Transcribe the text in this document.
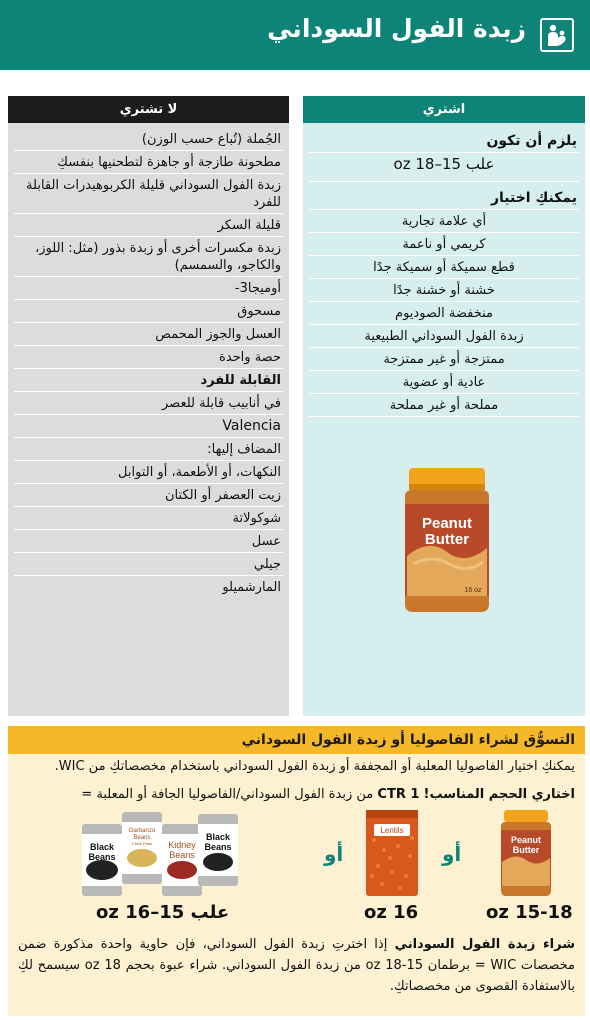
زبدة الفول السوداني
اشتري
يلزم أن تكون
علب 15–18 oz
يمكنكِ اختيار
أي علامة تجارية
كريمي أو ناعمة
قطع سميكة أو سميكة جدًا
خشنة أو خشنة جدًا
منخفضة الصوديوم
زبدة الفول السوداني الطبيعية
ممتزجة أو غير ممتزجة
عادية أو عضوية
مملحة أو غير مملحة
Peanut
Butter
16 oz
لا تشتري
الجُملة (تُباع حسب الوزن)
مطحونة طازجة أو جاهزة لتطحنيها بنفسكِ
زبدة الفول السوداني قليلة الكربوهيدرات القابلة للفرد
قليلة السكر
زبدة مكسرات أخرى أو زبدة بذور (مثل: اللوز، والكاجو، والسمسم)
أوميجا3-
مسحوق
العسل والجوز المحمص
حصة واحدة
القابلة للفرد
في أنابيب قابلة للعصر
Valencia
المضاف إليها:
النكهات، أو الأطعمة، أو التوابل
زيت العصفر أو الكتان
شوكولاتة
عسل
جيلي
المارشميلو
التسوُّق لشراء الفاصوليا أو زبدة الفول السوداني
يمكنكِ اختيار الفاصوليا المعلبة أو المجففة أو زبدة الفول السوداني باستخدام مخصصاتكِ من WIC.
اختاري الحجم المناسب! 1 CTR من زبدة الفول السوداني/الفاصوليا الجافة أو المعلبة =
Peanut
Butter
أو
Lentils
أو
Black
Beans
Garbanzo
Beans
Chick Peas Kidney
Beans
Black
Beans
15-18 oz
16 oz
علب 15–16 oz
شراء زبدة الفول السوداني إذا اخترتِ زبدة الفول السوداني، فإن حاوية واحدة مذكورة ضمن مخصصات WIC = برطمان 15-18 oz من زبدة الفول السوداني. شراء عبوة بحجم 18 oz سيسمح لكِ بالاستفادة القصوى من مخصصاتكِ.
